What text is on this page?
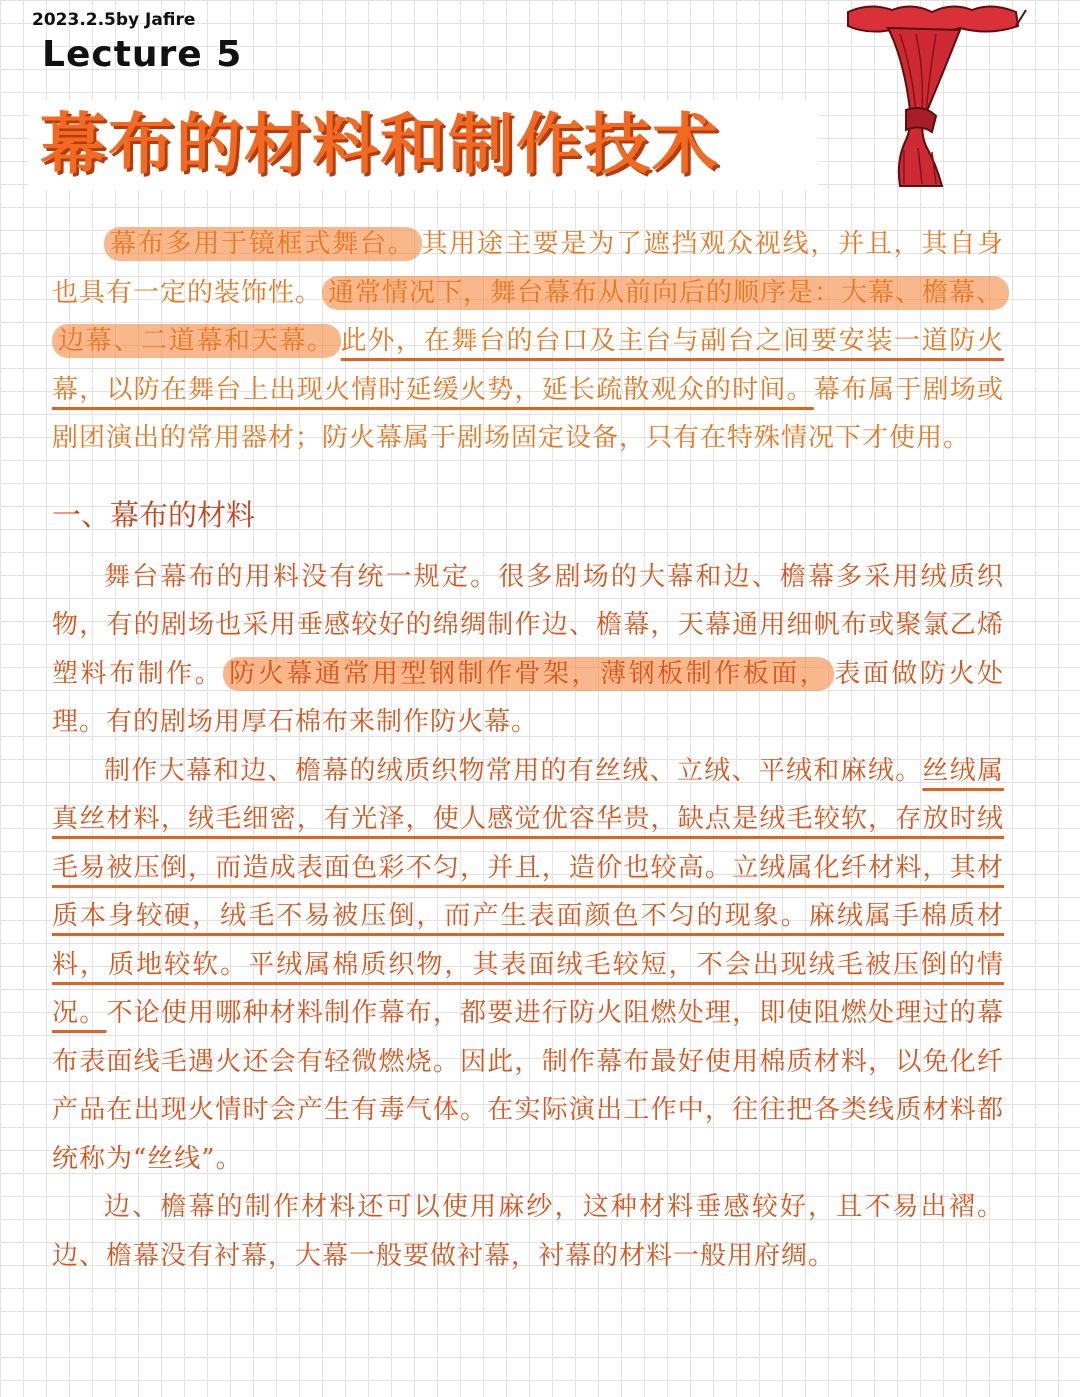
2023.2.5by Jafire
Lecture 5
幕布的材料和制作技术

幕布多用于镜框式舞台。 其用途主要是为了遮挡观众视线，并且，其自身也具有一定的装饰性。 通常情况下，舞台幕布从前向后的顺序是：大幕、檐幕、边幕、二道幕和天幕。 此外，在舞台的台口及主台与副台之间要安装一道防火幕，以防在舞台上出现火情时延缓火势，延长疏散观众的时间。幕布属于剧场或剧团演出的常用器材；防火幕属于剧场固定设备，只有在特殊情况下才使用。

一、幕布的材料

舞台幕布的用料没有统一规定。很多剧场的大幕和边、檐幕多采用绒质织物，有的剧场也采用垂感较好的绵绸制作边、檐幕，天幕通用细帆布或聚氯乙烯塑料布制作。 防火幕通常用型钢制作骨架，薄钢板制作板面， 表面做防火处理。有的剧场用厚石棉布来制作防火幕。

制作大幕和边、檐幕的绒质织物常用的有丝绒、立绒、平绒和麻绒。丝绒属真丝材料，绒毛细密，有光泽，使人感觉优容华贵，缺点是绒毛较软，存放时绒毛易被压倒，而造成表面色彩不匀，并且，造价也较高。立绒属化纤材料，其材质本身较硬，绒毛不易被压倒，而产生表面颜色不匀的现象。麻绒属手棉质材料，质地较软。平绒属棉质织物，其表面绒毛较短，不会出现绒毛被压倒的情况。不论使用哪种材料制作幕布，都要进行防火阻燃处理，即使阻燃处理过的幕布表面线毛遇火还会有轻微燃烧。因此，制作幕布最好使用棉质材料，以免化纤产品在出现火情时会产生有毒气体。在实际演出工作中，往往把各类线质材料都统称为“丝线”。

边、檐幕的制作材料还可以使用麻纱，这种材料垂感较好，且不易出褶。边、檐幕没有衬幕，大幕一般要做衬幕，衬幕的材料一般用府绸。
